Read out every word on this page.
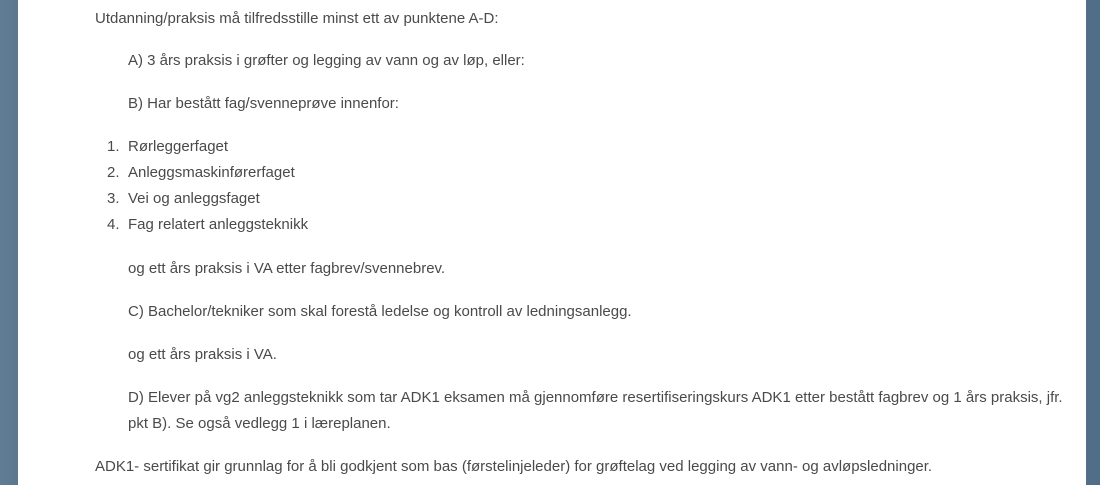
Utdanning/praksis må tilfredsstille minst ett av punktene A-D:

A) 3 års praksis i grøfter og legging av vann og av løp, eller:

B) Har bestått fag/svenneprøve innenfor:

Rørleggerfaget
Anleggsmaskinførerfaget
Vei og anleggsfaget
Fag relatert anleggsteknikk

og ett års praksis i VA etter fagbrev/svennebrev.

C) Bachelor/tekniker som skal forestå ledelse og kontroll av ledningsanlegg.

og ett års praksis i VA.

D) Elever på vg2 anleggsteknikk som tar ADK1 eksamen må gjennomføre resertifiseringskurs ADK1 etter bestått fagbrev og 1 års praksis, jfr. pkt B). Se også vedlegg 1 i læreplanen.

ADK1- sertifikat gir grunnlag for å bli godkjent som bas (førstelinjeleder) for grøftelag ved legging av vann- og avløpsledninger.
